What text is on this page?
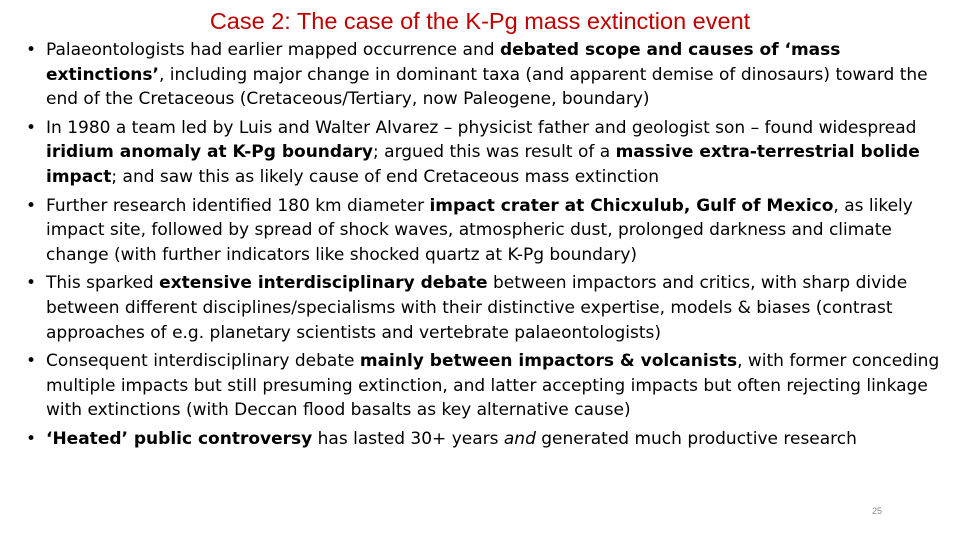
Case 2: The case of the K-Pg mass extinction event
• Palaeontologists had earlier mapped occurrence and debated scope and causes of ‘mass extinctions’, including major change in dominant taxa (and apparent demise of dinosaurs) toward the end of the Cretaceous (Cretaceous/Tertiary, now Paleogene, boundary)
• In 1980 a team led by Luis and Walter Alvarez – physicist father and geologist son – found widespread iridium anomaly at K-Pg boundary; argued this was result of a massive extra-terrestrial bolide impact; and saw this as likely cause of end Cretaceous mass extinction
• Further research identified 180 km diameter impact crater at Chicxulub, Gulf of Mexico, as likely impact site, followed by spread of shock waves, atmospheric dust, prolonged darkness and climate change (with further indicators like shocked quartz at K-Pg boundary)
• This sparked extensive interdisciplinary debate between impactors and critics, with sharp divide between different disciplines/specialisms with their distinctive expertise, models & biases (contrast approaches of e.g. planetary scientists and vertebrate palaeontologists)
• Consequent interdisciplinary debate mainly between impactors & volcanists, with former conceding multiple impacts but still presuming extinction, and latter accepting impacts but often rejecting linkage with extinctions (with Deccan flood basalts as key alternative cause)
• ‘Heated’ public controversy has lasted 30+ years and generated much productive research
25
